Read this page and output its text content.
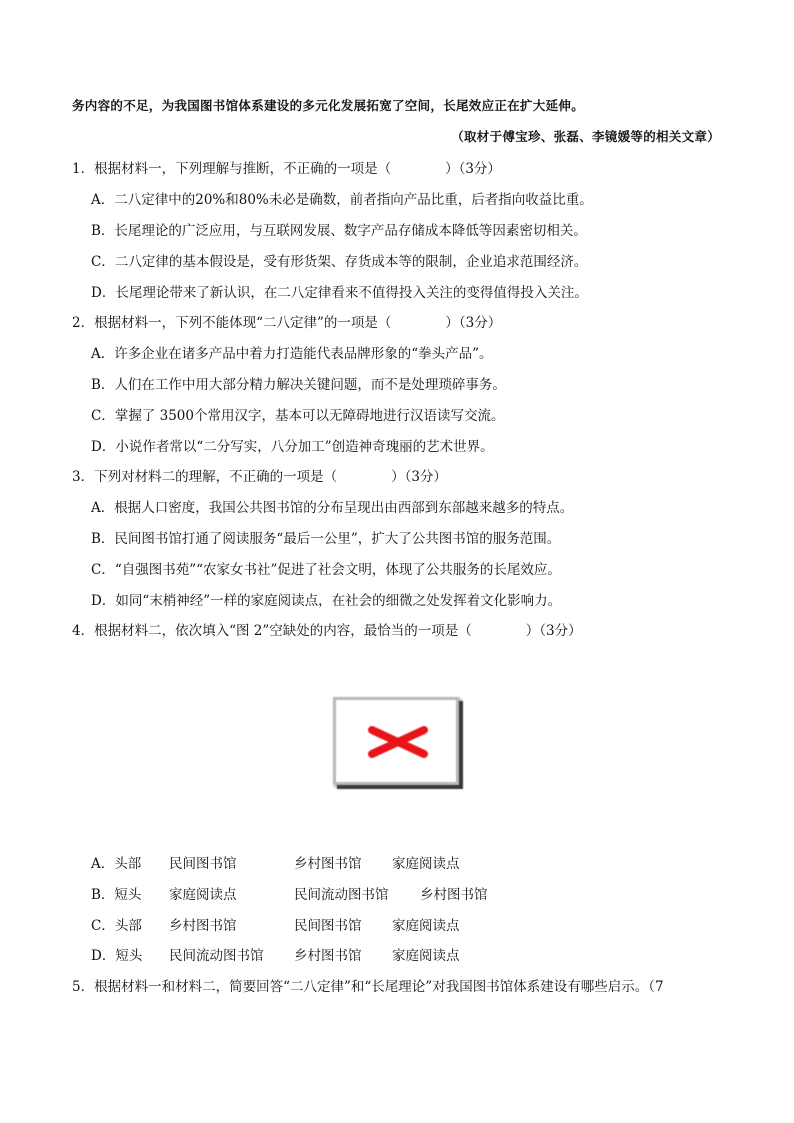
务内容的不足，为我国图书馆体系建设的多元化发展拓宽了空间，长尾效应正在扩大延伸。
（取材于傅宝珍、张磊、李镜媛等的相关文章）
1．根据材料一，下列理解与推断，不正确的一项是（	）（3分）
A．二八定律中的20%和80%未必是确数，前者指向产品比重，后者指向收益比重。
B．长尾理论的广泛应用，与互联网发展、数字产品存储成本降低等因素密切相关。
C．二八定律的基本假设是，受有形货架、存货成本等的限制，企业追求范围经济。
D．长尾理论带来了新认识，在二八定律看来不值得投入关注的变得值得投入关注。
2．根据材料一，下列不能体现“二八定律”的一项是（	）（3分）
A．许多企业在诸多产品中着力打造能代表品牌形象的“拳头产品”。
B．人们在工作中用大部分精力解决关键问题，而不是处理琐碎事务。
C．掌握了 3500个常用汉字，基本可以无障碍地进行汉语读写交流。
D．小说作者常以“二分写实，八分加工”创造神奇瑰丽的艺术世界。
3．下列对材料二的理解，不正确的一项是（	）（3分）
A．根据人口密度，我国公共图书馆的分布呈现出由西部到东部越来越多的特点。
B．民间图书馆打通了阅读服务“最后一公里”，扩大了公共图书馆的服务范围。
C．“自强图书苑”“农家女书社”促进了社会文明，体现了公共服务的长尾效应。
D．如同“末梢神经”一样的家庭阅读点，在社会的细微之处发挥着文化影响力。
4．根据材料二，依次填入“图 2”空缺处的内容，最恰当的一项是（	）（3分）
A．头部 民间图书馆	乡村图书馆 家庭阅读点
B．短头 家庭阅读点	民间流动图书馆 乡村图书馆
C．头部 乡村图书馆	民间图书馆 家庭阅读点
D．短头 民间流动图书馆 乡村图书馆 家庭阅读点
5．根据材料一和材料二，简要回答“二八定律”和“长尾理论”对我国图书馆体系建设有哪些启示。（7
